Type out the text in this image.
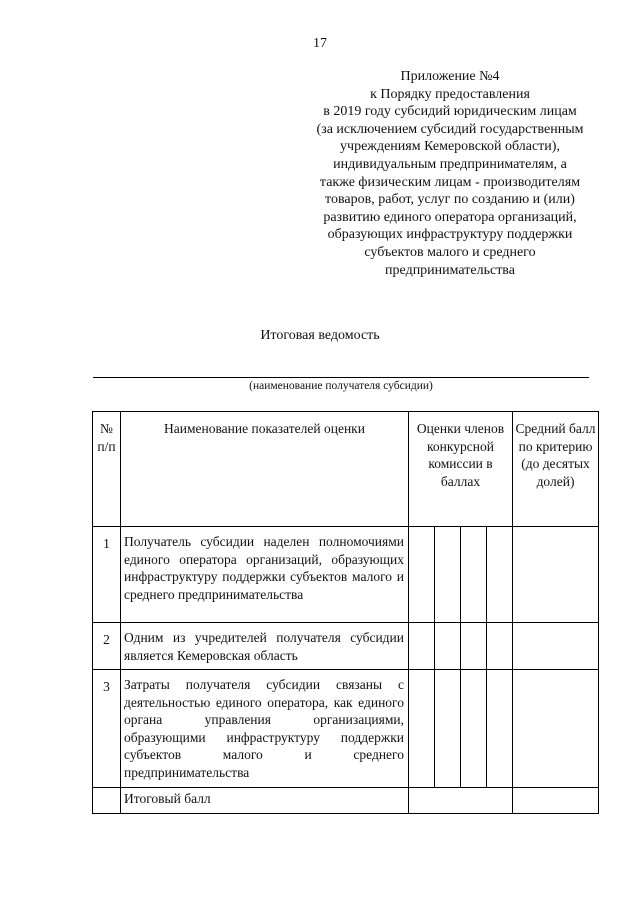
17
Приложение №4
к Порядку предоставления
в 2019 году субсидий юридическим лицам
(за исключением субсидий государственным
учреждениям Кемеровской области),
индивидуальным предпринимателям, а
также физическим лицам - производителям
товаров, работ, услуг по созданию и (или)
развитию единого оператора организаций,
образующих инфраструктуру поддержки
субъектов малого и среднего
предпринимательства
Итоговая ведомость
(наименование получателя субсидии)
№ п/п	Наименование показателей оценки	Оценки членов конкурсной комиссии в баллах				Средний балл по критерию (до десятых долей)
1	Получатель субсидии наделен полномочиями единого оператора организаций, образующих инфраструктуру поддержки субъектов малого и среднего предпринимательства					
2	Одним из учредителей получателя субсидии является Кемеровская область					
3	Затраты получателя субсидии связаны с деятельностью единого оператора, как единого органа управления организациями, образующими инфраструктуру поддержки субъектов малого и среднего предпринимательства					
	Итоговый балл					
